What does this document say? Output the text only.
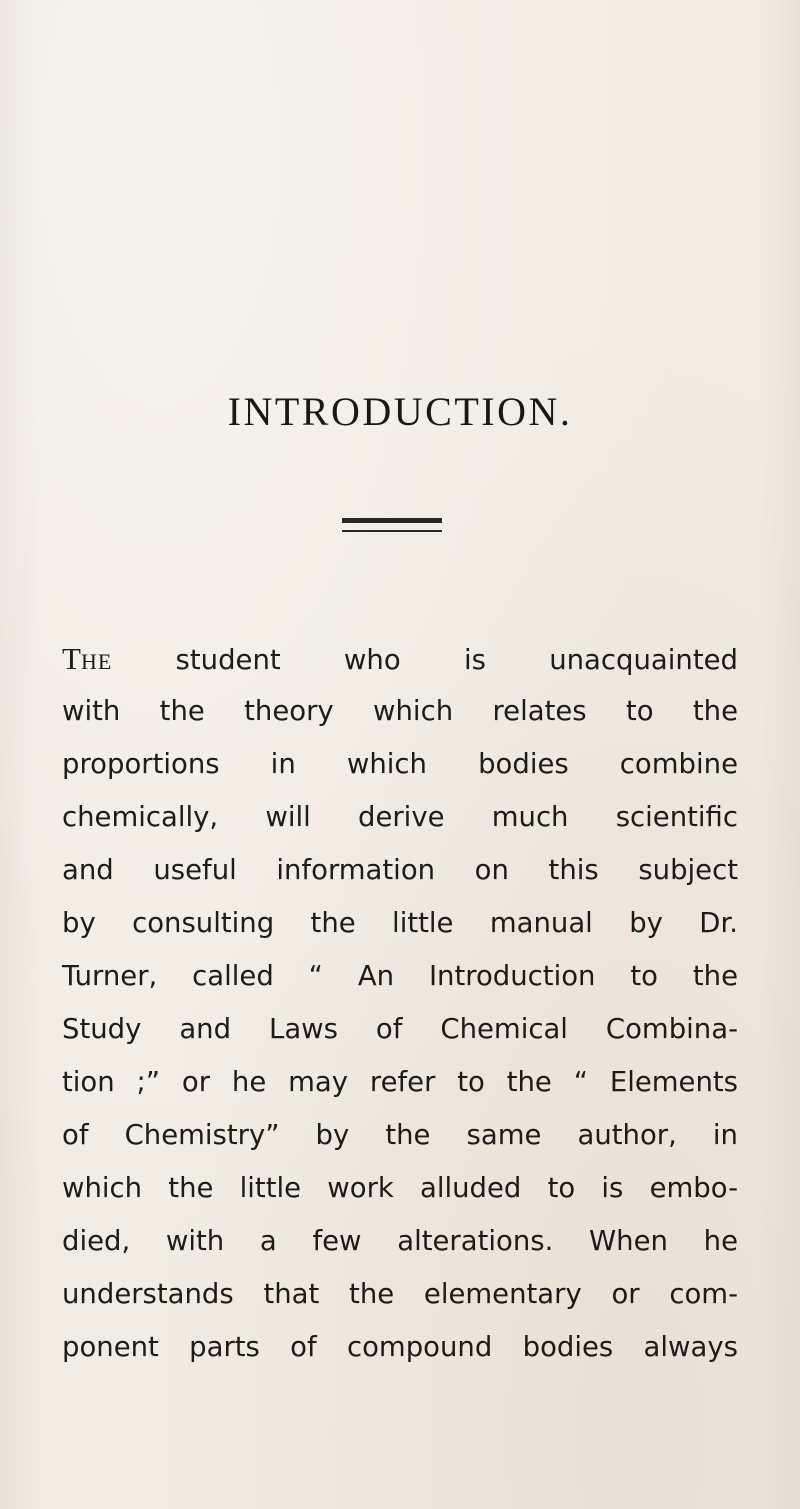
INTRODUCTION.
THE student who is unacquainted
with the theory which relates to the
proportions in which bodies combine
chemically, will derive much scientific
and useful information on this subject
by consulting the little manual by Dr.
Turner, called “ An Introduction to the
Study and Laws of Chemical Combina-
tion ;” or he may refer to the “ Elements
of Chemistry” by the same author, in
which the little work alluded to is embo-
died, with a few alterations. When he
understands that the elementary or com-
ponent parts of compound bodies always
